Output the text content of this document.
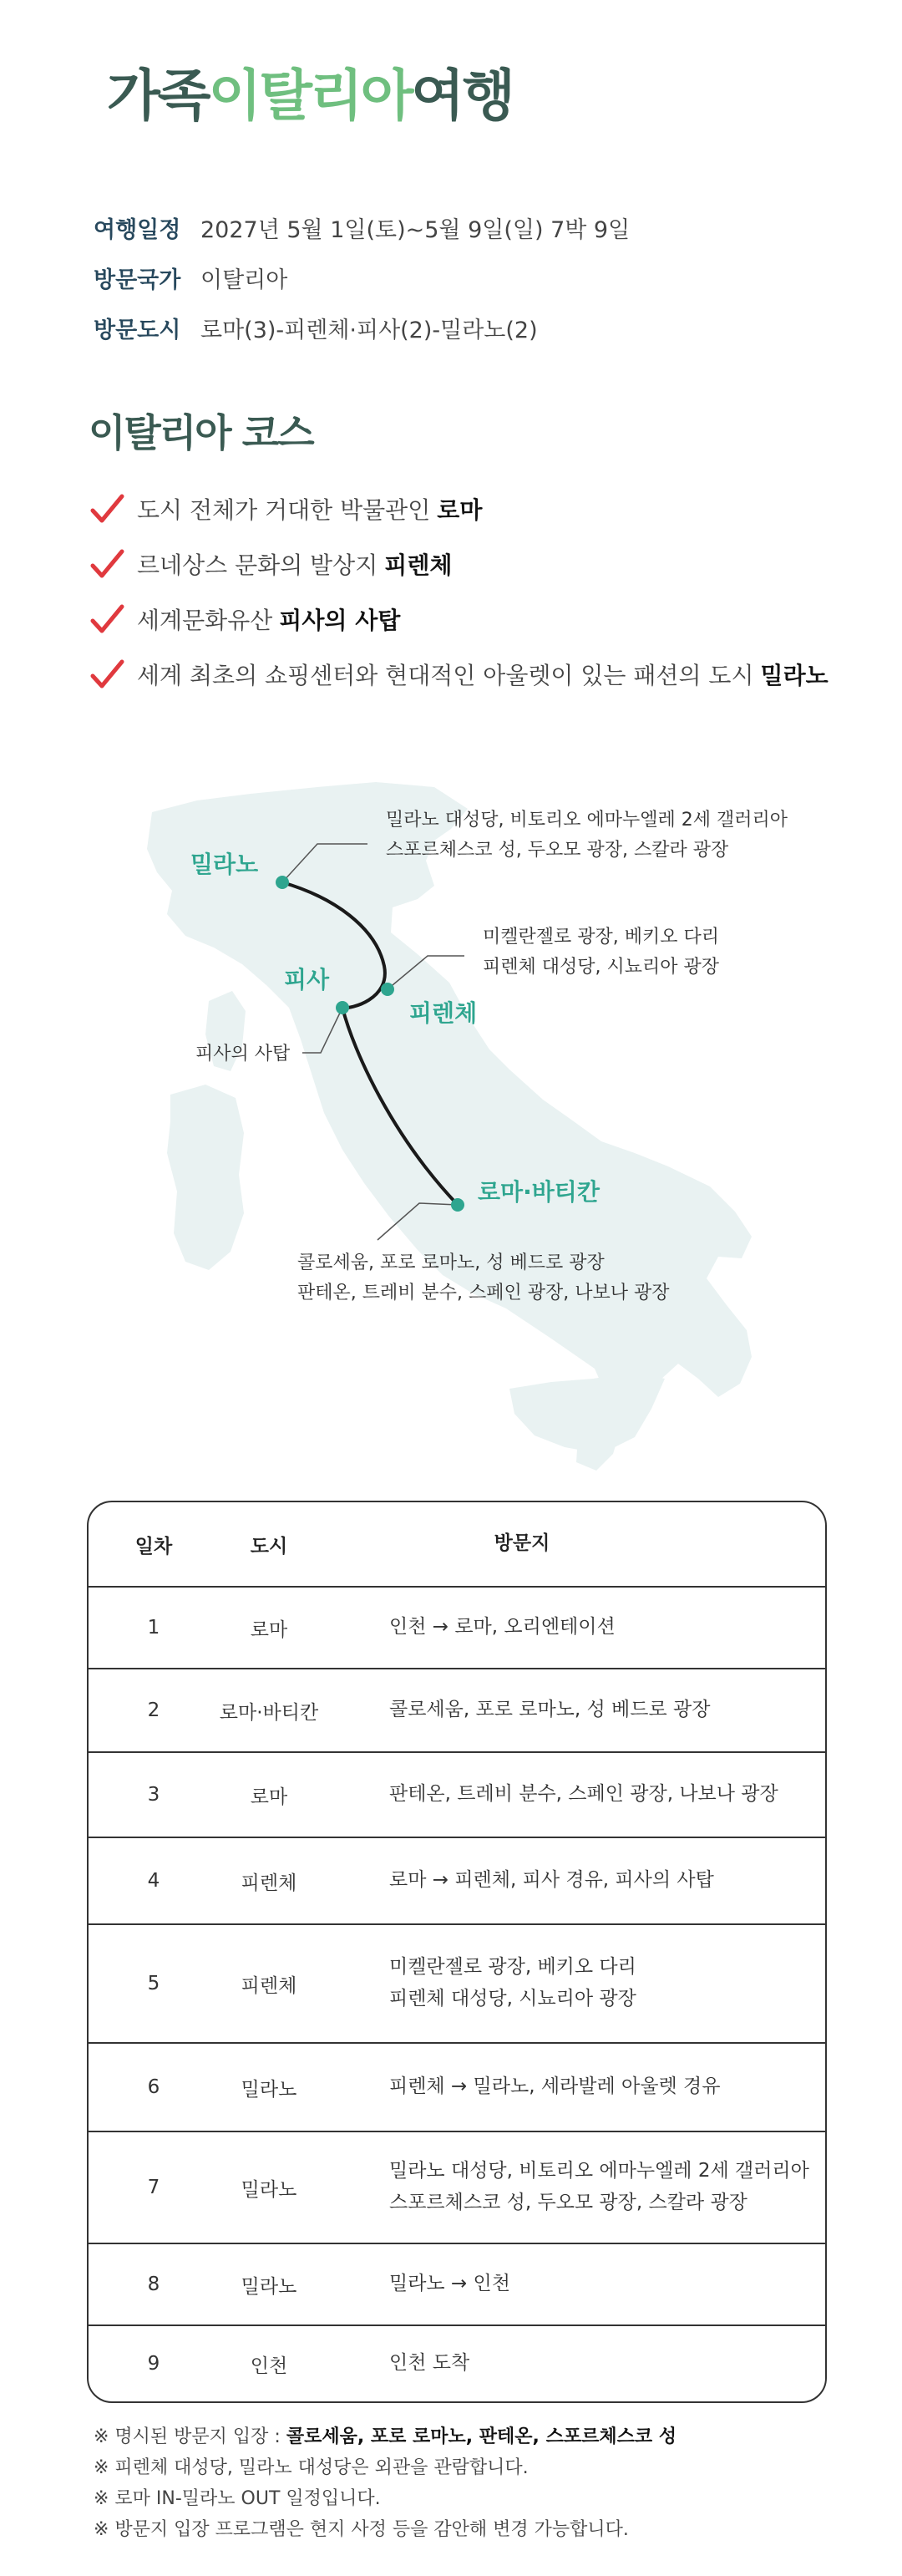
가족이탈리아여행
여행일정 2027년 5월 1일(토)~5월 9일(일) 7박 9일
방문국가 이탈리아
방문도시 로마(3)-피렌체·피사(2)-밀라노(2)
이탈리아 코스
도시 전체가 거대한 박물관인 로마
르네상스 문화의 발상지 피렌체
세계문화유산 피사의 사탑
세계 최초의 쇼핑센터와 현대적인 아울렛이 있는 패션의 도시 밀라노
밀라노
피사
피렌체
로마·바티칸
밀라노 대성당, 비토리오 에마누엘레 2세 갤러리아
스포르체스코 성, 두오모 광장, 스칼라 광장
미켈란젤로 광장, 베키오 다리
피렌체 대성당, 시뇨리아 광장
피사의 사탑
콜로세움, 포로 로마노, 성 베드로 광장
판테온, 트레비 분수, 스페인 광장, 나보나 광장
일차	도시	방문지
1	로마	인천 → 로마, 오리엔테이션
2	로마·바티칸	콜로세움, 포로 로마노, 성 베드로 광장
3	로마	판테온, 트레비 분수, 스페인 광장, 나보나 광장
4	피렌체	로마 → 피렌체, 피사 경유, 피사의 사탑
5	피렌체
미켈란젤로 광장, 베키오 다리
피렌체 대성당, 시뇨리아 광장
6	밀라노	피렌체 → 밀라노, 세라발레 아울렛 경유
7	밀라노
밀라노 대성당, 비토리오 에마누엘레 2세 갤러리아
스포르체스코 성, 두오모 광장, 스칼라 광장
8	밀라노	밀라노 → 인천
9	인천	인천 도착
※ 명시된 방문지 입장 : 콜로세움, 포로 로마노, 판테온, 스포르체스코 성
※ 피렌체 대성당, 밀라노 대성당은 외관을 관람합니다.
※ 로마 IN-밀라노 OUT 일정입니다.
※ 방문지 입장 프로그램은 현지 사정 등을 감안해 변경 가능합니다.
